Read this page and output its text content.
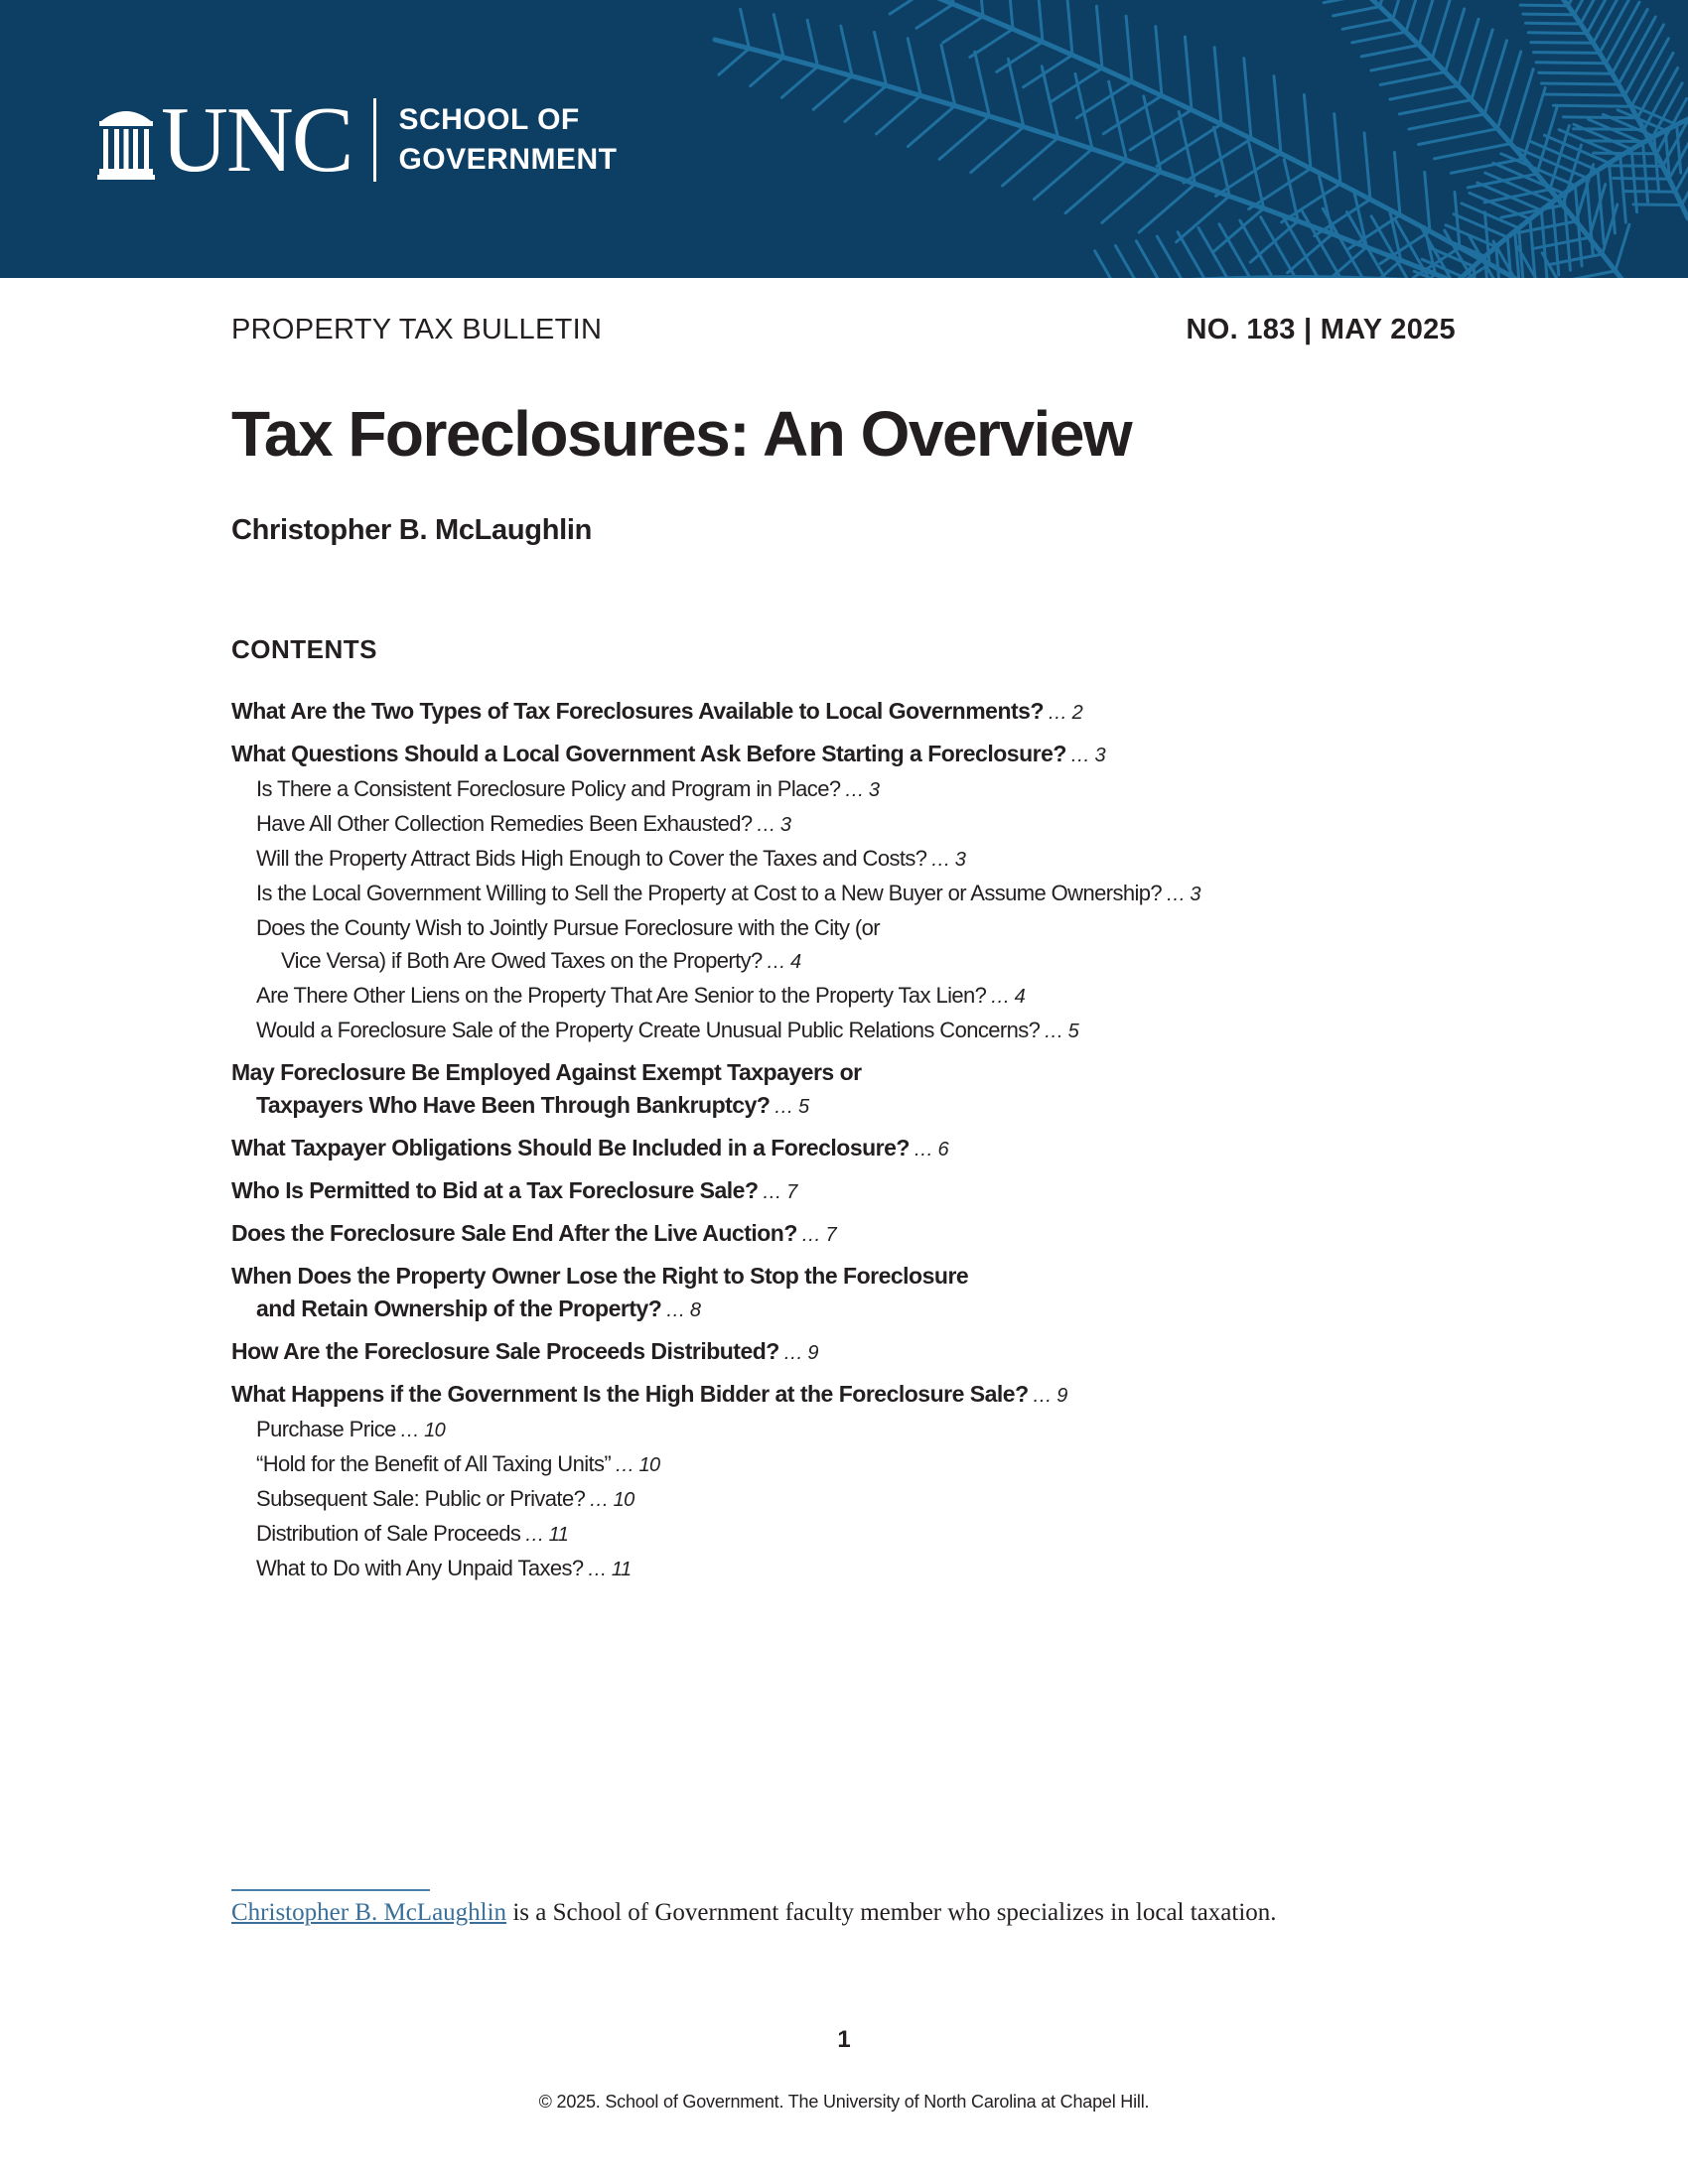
UNC SCHOOL OF
GOVERNMENT
PROPERTY TAX BULLETIN	NO. 183 | MAY 2025
Tax Foreclosures: An Overview
Christopher B. McLaughlin
CONTENTS
What Are the Two Types of Tax Foreclosures Available to Local Governments? … 2
What Questions Should a Local Government Ask Before Starting a Foreclosure? … 3
Is There a Consistent Foreclosure Policy and Program in Place? … 3
Have All Other Collection Remedies Been Exhausted? … 3
Will the Property Attract Bids High Enough to Cover the Taxes and Costs? … 3
Is the Local Government Willing to Sell the Property at Cost to a New Buyer or Assume Ownership? … 3
Does the County Wish to Jointly Pursue Foreclosure with the City (or
Vice Versa) if Both Are Owed Taxes on the Property? … 4
Are There Other Liens on the Property That Are Senior to the Property Tax Lien? … 4
Would a Foreclosure Sale of the Property Create Unusual Public Relations Concerns? … 5
May Foreclosure Be Employed Against Exempt Taxpayers or
Taxpayers Who Have Been Through Bankruptcy? … 5
What Taxpayer Obligations Should Be Included in a Foreclosure? … 6
Who Is Permitted to Bid at a Tax Foreclosure Sale? … 7
Does the Foreclosure Sale End After the Live Auction? … 7
When Does the Property Owner Lose the Right to Stop the Foreclosure
and Retain Ownership of the Property? … 8
How Are the Foreclosure Sale Proceeds Distributed? … 9
What Happens if the Government Is the High Bidder at the Foreclosure Sale? … 9
Purchase Price … 10
“Hold for the Benefit of All Taxing Units” … 10
Subsequent Sale: Public or Private? … 10
Distribution of Sale Proceeds … 11
What to Do with Any Unpaid Taxes? … 11
Christopher B. McLaughlin is a School of Government faculty member who specializes in local taxation.
1
© 2025. School of Government. The University of North Carolina at Chapel Hill.
